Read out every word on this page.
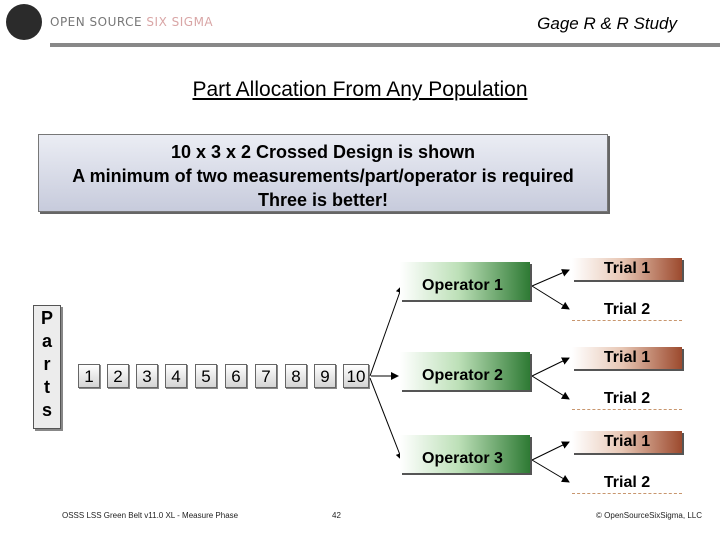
OPEN SOURCE SIX SIGMA	Gage R & R Study
Part Allocation From Any Population
10 x 3 x 2 Crossed Design is shown
A minimum of two measurements/part/operator is required
Three is better!
P
a
r
t
s
1	2	3	4	5	6	7	8	9 10
Operator 1
Operator 2
Operator 3
Trial 1
Trial 2
Trial 1
Trial 2
Trial 1
Trial 2
OSSS LSS Green Belt v11.0 XL - Measure Phase	42	© OpenSourceSixSigma, LLC
